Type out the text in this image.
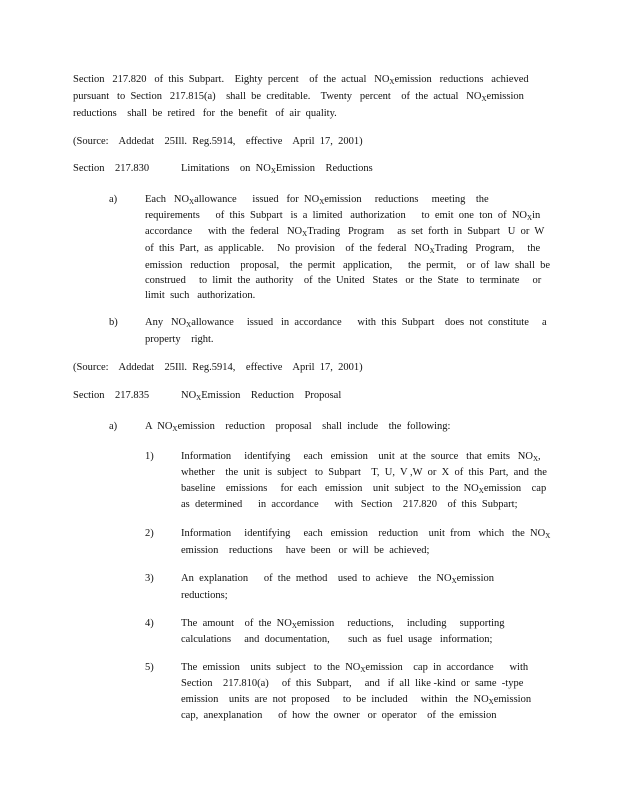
Section   217.820   of  this  Subpart.    Eighty  percent    of  the  actual   $NO_Xemission$   reductions   achieved
pursuant   to  Section   217.815(a)    shall  be  creditable.    Twenty   percent    of  the  actual   $NO_Xemission$
reductions    shall  be  retired   for  the  benefit   of  air  quality.
(Source:    Addedat    25Ill.  Reg.5914,    effective    April  17,  2001)
Section    217.830	Limitations    on  $NO_XEmission$    Reductions
a)	Each   $NO_Xallowance$      issued   for  $NO_Xemission$     reductions     meeting    the
requirements      of  this  Subpart   is  a  limited   authorization      to  emit  one  ton  of  $NO_Xin$
accordance      with  the  federal   $NO_XTrading$   Program     as  set  forth  in  Subpart   U  or  W
of  this  Part,  as  applicable.     No  provision    of  the  federal   $NO_XTrading$   Program,     the
emission   reduction    proposal,    the  permit   application,      the  permit,    or  of  law  shall  be
construed     to  limit  the  authority    of  the  United   States   or  the  State   to  terminate     or
limit  such   authorization.
b)	Any   $NO_Xallowance$     issued   in  accordance      with  this  Subpart    does  not  constitute     a
property    right.
(Source:    Addedat    25Ill.  Reg.5914,    effective    April  17,  2001)
Section    217.835	$NO_XEmission$    Reduction    Proposal
a)	A  $NO_Xemission$    reduction    proposal    shall  include    the  following:
1)	Information     identifying     each   emission    unit  at  the  source   that  emits   $NO_X$,
whether    the  unit  is  subject   to  Subpart    T,  U,  V ,W  or  X  of  this  Part,  and  the
baseline    emissions     for  each   emission    unit  subject   to  the  $NO_Xemission$    cap
as  determined      in  accordance      with   Section    217.820    of  this  Subpart;
2)	Information     identifying     each   emission    reduction    unit  from   which   the  $NO_X$
emission    reductions     have  been   or  will  be  achieved;
3)	An  explanation      of  the  method    used  to  achieve    the  $NO_Xemission$
reductions;
4)	The  amount    of  the  $NO_Xemission$     reductions,     including     supporting
calculations     and  documentation,       such  as  fuel  usage   information;
5)	The  emission    units  subject   to  the  $NO_Xemission$    cap  in  accordance      with
Section    217.810(a)     of  this  Subpart,     and   if  all  like -kind  or  same  -type
emission    units  are  not  proposed     to  be  included     within   the  $NO_Xemission$
cap,  anexplanation      of  how  the  owner   or  operator    of  the  emission
